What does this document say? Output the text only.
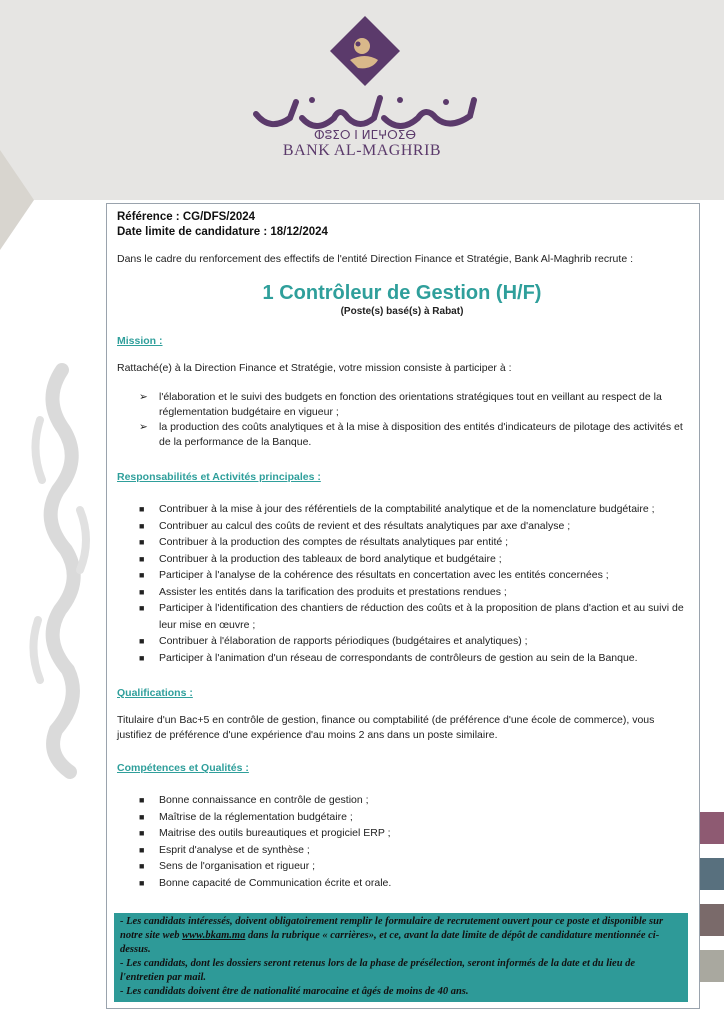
ⵀⵓⵉⵔ ⵏ ⵍⵎⵖⵔⵉⴱ
BANK AL-MAGHRIB
Référence : CG/DFS/2024
Date limite de candidature : 18/12/2024
Dans le cadre du renforcement des effectifs de l'entité Direction Finance et Stratégie, Bank Al-Maghrib recrute :
1 Contrôleur de Gestion (H/F)
(Poste(s) basé(s) à Rabat)
Mission :
Rattaché(e) à la Direction Finance et Stratégie, votre mission consiste à participer à :
➢ l'élaboration et le suivi des budgets en fonction des orientations stratégiques tout en veillant au respect de la réglementation budgétaire en vigueur ;
➢ la production des coûts analytiques et à la mise à disposition des entités d'indicateurs de pilotage des activités et de la performance de la Banque.
Responsabilités et Activités principales :
■ Contribuer à la mise à jour des référentiels de la comptabilité analytique et de la nomenclature budgétaire ;
■ Contribuer au calcul des coûts de revient et des résultats analytiques par axe d'analyse ;
■ Contribuer à la production des comptes de résultats analytiques par entité ;
■ Contribuer à la production des tableaux de bord analytique et budgétaire ;
■ Participer à l'analyse de la cohérence des résultats en concertation avec les entités concernées ;
■ Assister les entités dans la tarification des produits et prestations rendues ;
■ Participer à l'identification des chantiers de réduction des coûts et à la proposition de plans d'action et au suivi de leur mise en œuvre ;
■ Contribuer à l'élaboration de rapports périodiques (budgétaires et analytiques) ;
■ Participer à l'animation d'un réseau de correspondants de contrôleurs de gestion au sein de la Banque.
Qualifications :
Titulaire d'un Bac+5 en contrôle de gestion, finance ou comptabilité (de préférence d'une école de commerce), vous justifiez de préférence d'une expérience d'au moins 2 ans dans un poste similaire.
Compétences et Qualités :
■ Bonne connaissance en contrôle de gestion ;
■ Maîtrise de la réglementation budgétaire ;
■ Maitrise des outils bureautiques et progiciel ERP ;
■ Esprit d'analyse et de synthèse ;
■ Sens de l'organisation et rigueur ;
■ Bonne capacité de Communication écrite et orale.
- Les candidats intéressés, doivent obligatoirement remplir le formulaire de recrutement ouvert pour ce poste et disponible sur notre site web www.bkam.ma dans la rubrique « carrières», et ce, avant la date limite de dépôt de candidature mentionnée ci-dessus.
- Les candidats, dont les dossiers seront retenus lors de la phase de présélection, seront informés de la date et du lieu de l'entretien par mail.
- Les candidats doivent être de nationalité marocaine et âgés de moins de 40 ans.
